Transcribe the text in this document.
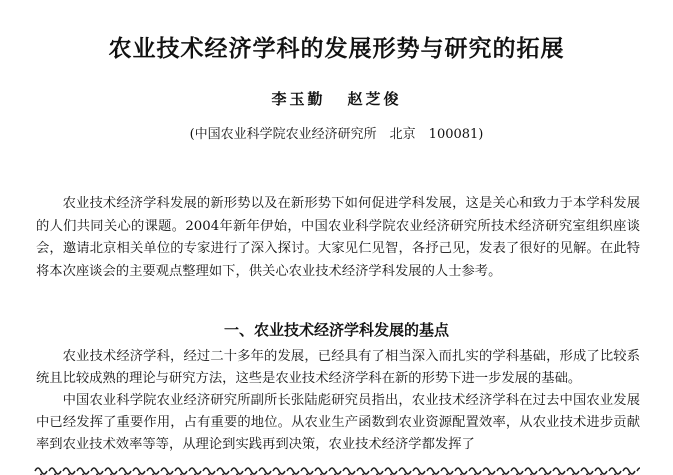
农业技术经济学科的发展形势与研究的拓展
李玉勤 赵芝俊
(中国农业科学院农业经济研究所　北京　100081)

农业技术经济学科发展的新形势以及在新形势下如何促进学科发展，这是关心和致力于本学科发展的人们共同关心的课题。2004年新年伊始，中国农业科学院农业经济研究所技术经济研究室组织座谈会，邀请北京相关单位的专家进行了深入探讨。大家见仁见智，各抒己见，发表了很好的见解。在此特将本次座谈会的主要观点整理如下，供关心农业技术经济学科发展的人士参考。

一、农业技术经济学科发展的基点

农业技术经济学科，经过二十多年的发展，已经具有了相当深入而扎实的学科基础，形成了比较系统且比较成熟的理论与研究方法，这些是农业技术经济学科在新的形势下进一步发展的基础。

中国农业科学院农业经济研究所副所长张陆彪研究员指出，农业技术经济学科在过去中国农业发展中已经发挥了重要作用，占有重要的地位。从农业生产函数到农业资源配置效率，从农业技术进步贡献率到农业技术效率等等，从理论到实践再到决策，农业技术经济学都发挥了
